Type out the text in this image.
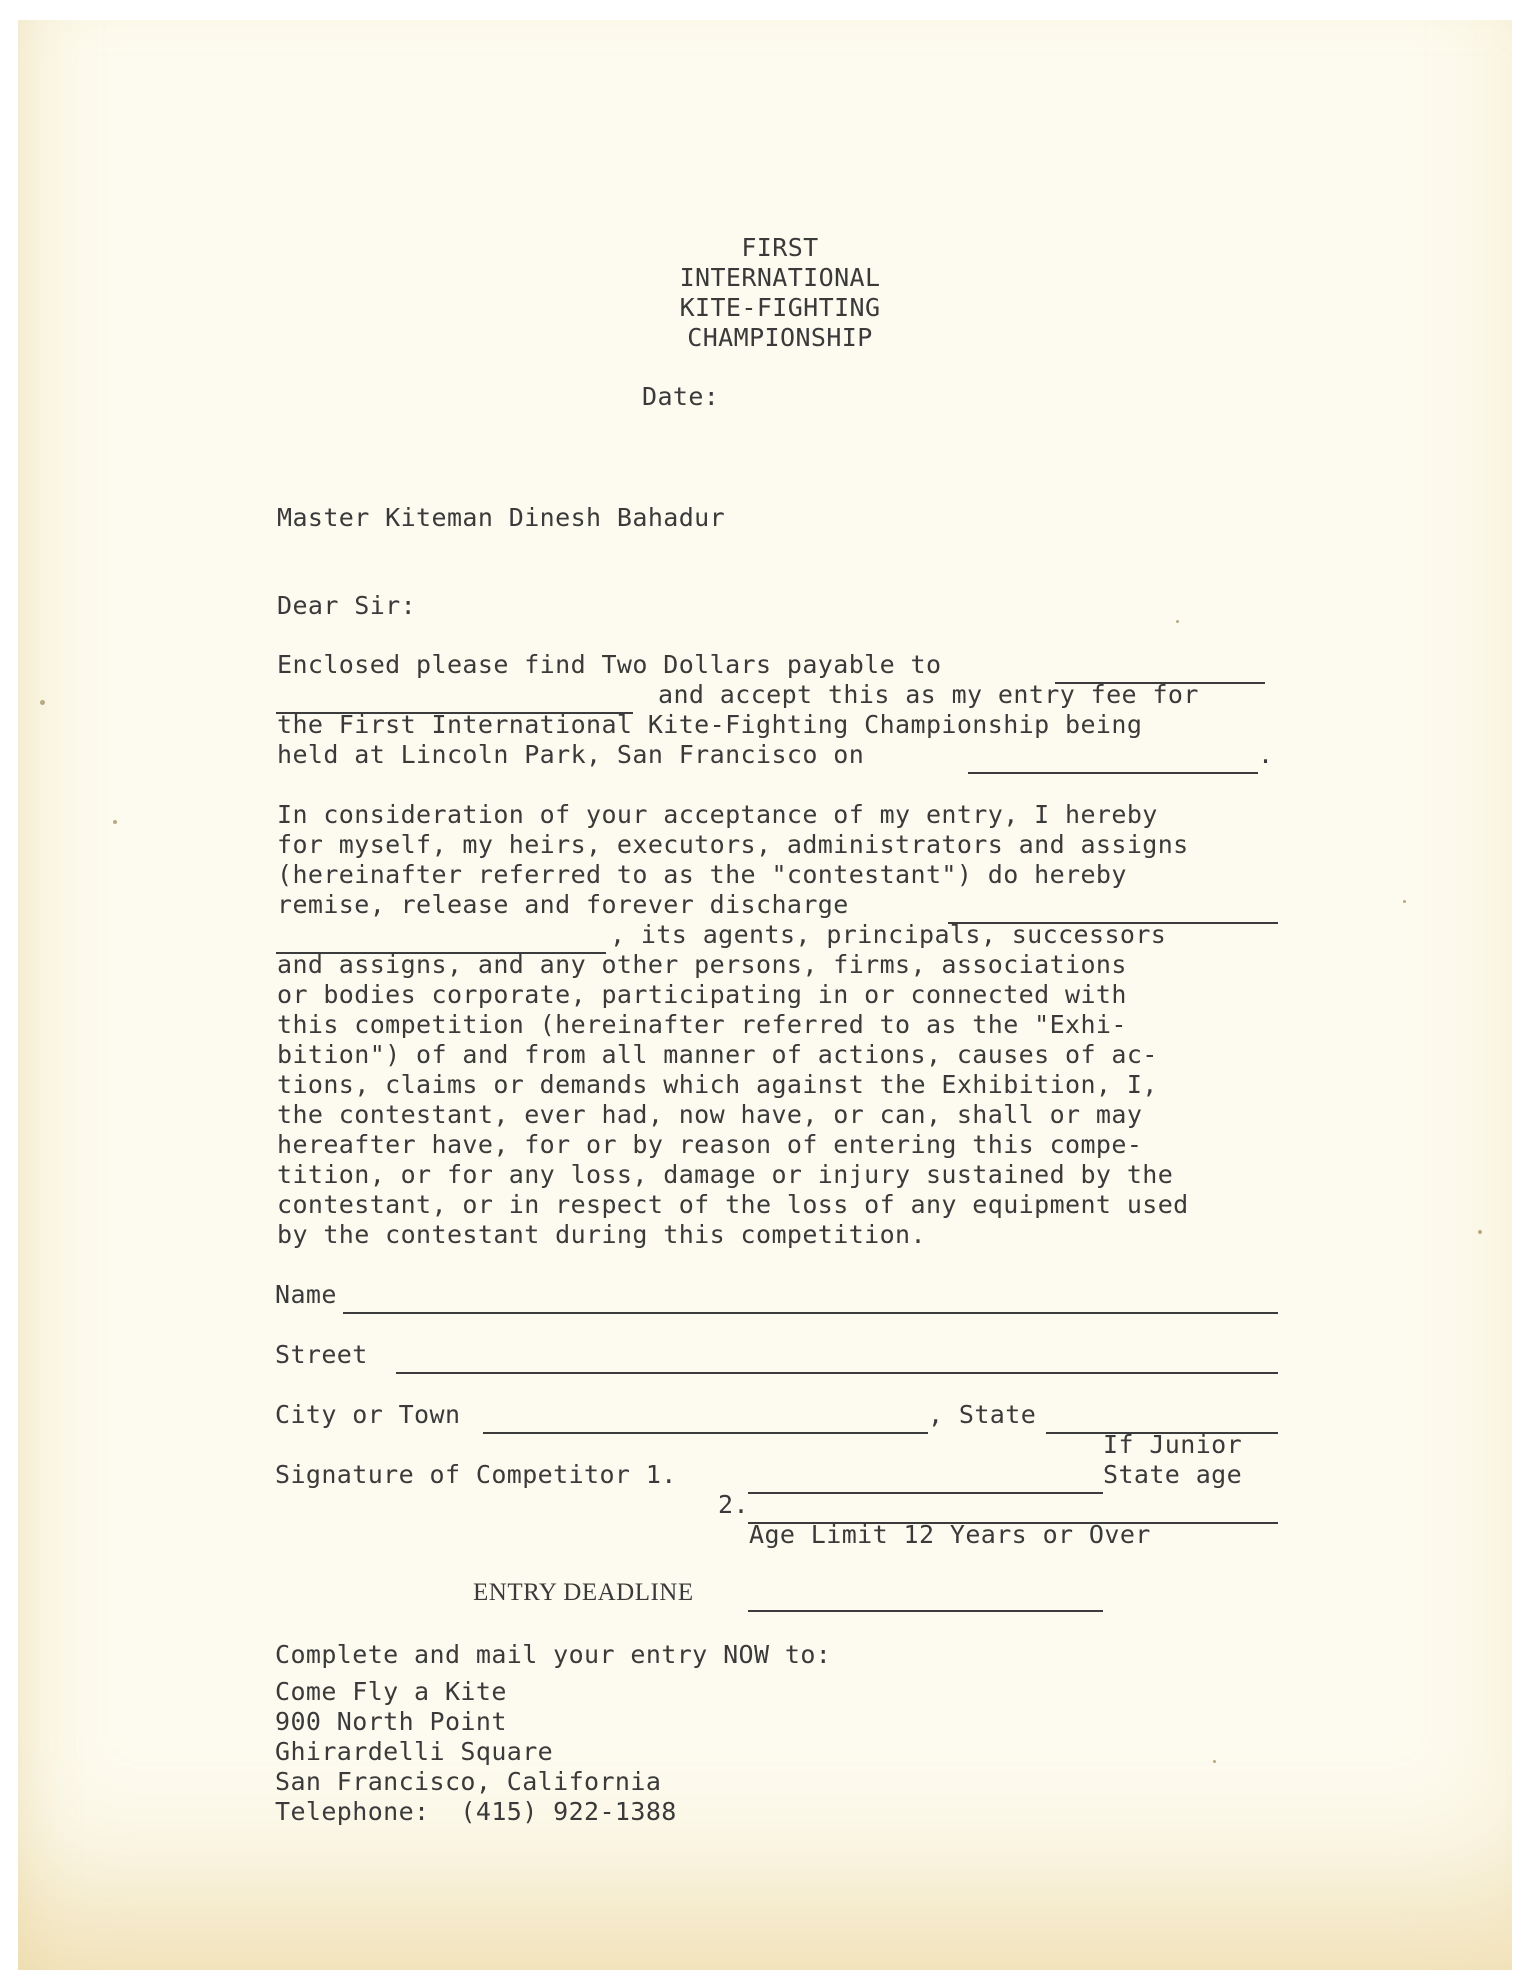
FIRST

INTERNATIONAL

KITE-FIGHTING

CHAMPIONSHIP

Date:

Master Kiteman Dinesh Bahadur

Dear Sir:

Enclosed please find Two Dollars payable to

and accept this as my entry fee for

the First International Kite-Fighting Championship being

held at Lincoln Park, San Francisco on	.

In consideration of your acceptance of my entry, I hereby

for myself, my heirs, executors, administrators and assigns

(hereinafter referred to as the "contestant") do hereby

remise, release and forever discharge

, its agents, principals, successors

and assigns, and any other persons, firms, associations

or bodies corporate, participating in or connected with

this competition (hereinafter referred to as the "Exhi-

bition") of and from all manner of actions, causes of ac-

tions, claims or demands which against the Exhibition, I,

the contestant, ever had, now have, or can, shall or may

hereafter have, for or by reason of entering this compe-

tition, or for any loss, damage or injury sustained by the

contestant, or in respect of the loss of any equipment used

by the contestant during this competition.

Name

Street

City or Town	, State

If Junior

State age

Signature of Competitor 1.

2.

Age Limit 12 Years or Over

ENTRY DEADLINE

Complete and mail your entry NOW to:

Come Fly a Kite

900 North Point

Ghirardelli Square

San Francisco, California

Telephone:  (415) 922-1388
